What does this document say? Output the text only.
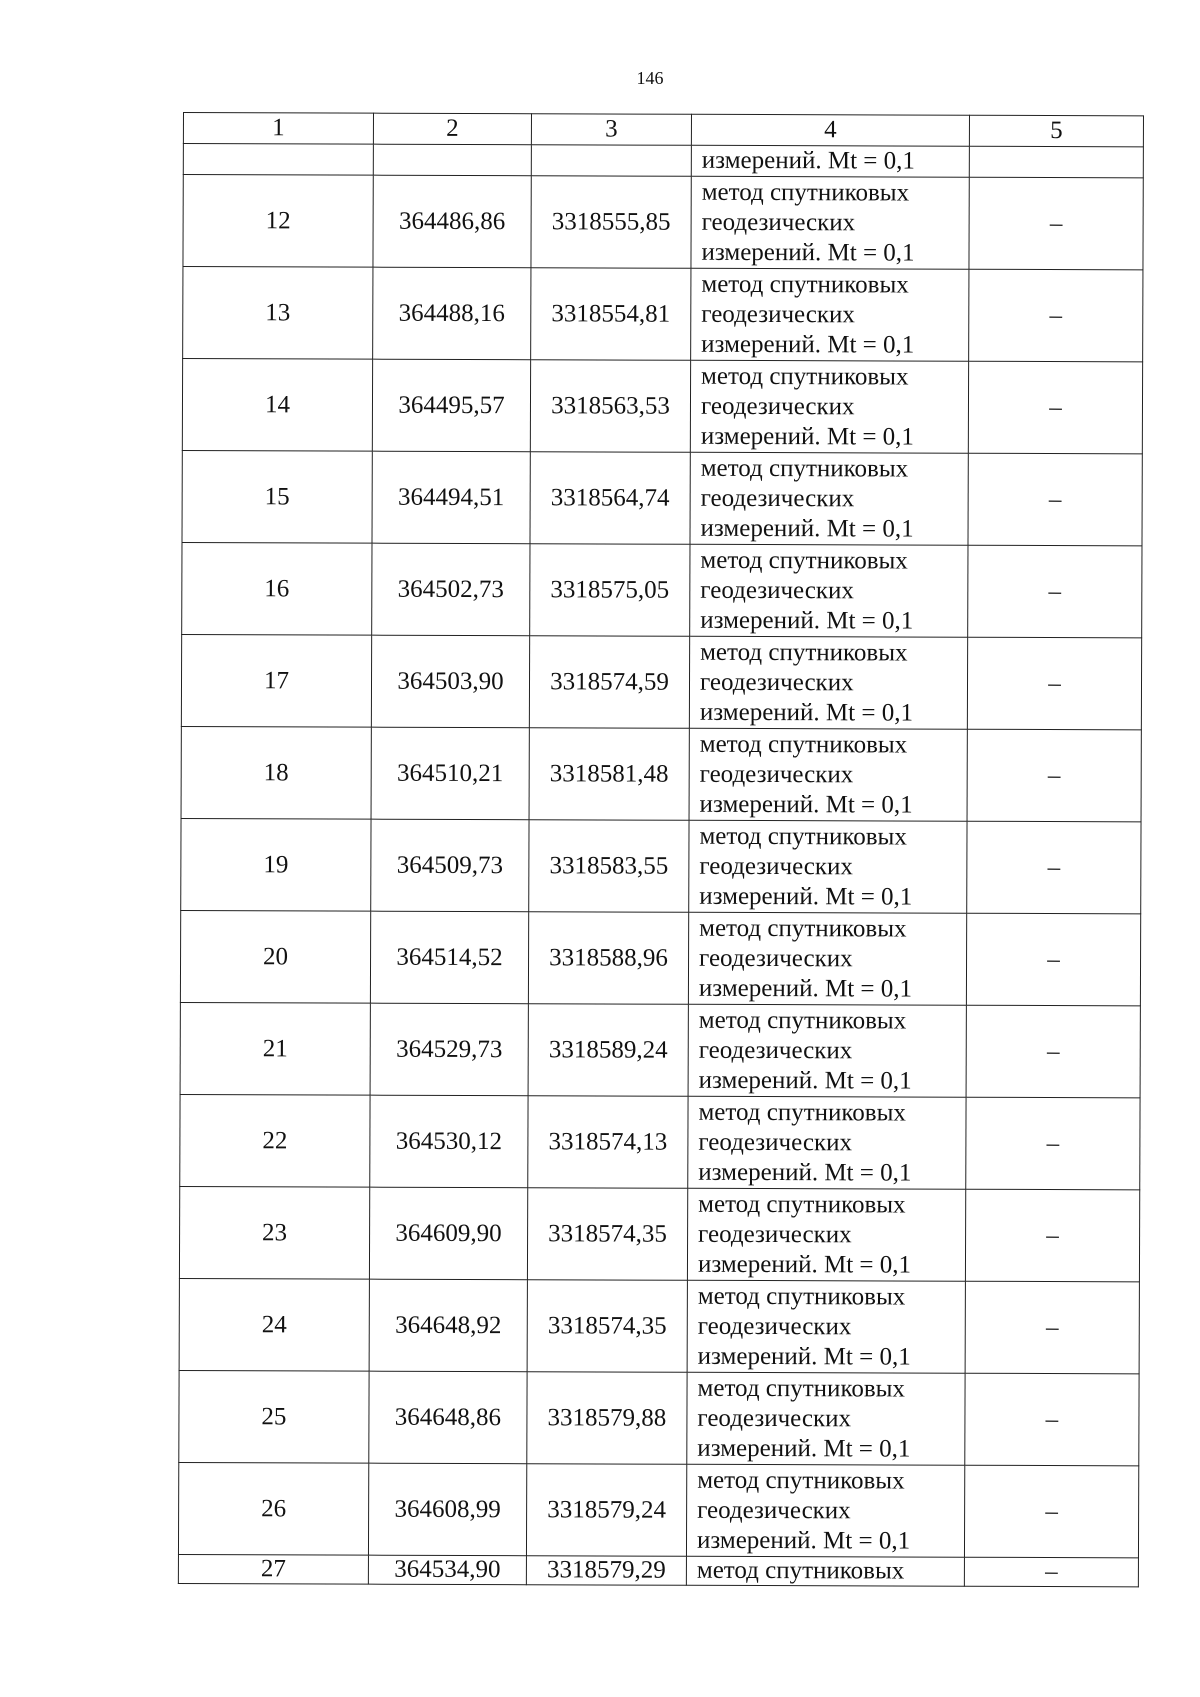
146
1	2	3	4	5
			измерений. Mt = 0,1	
12	364486,86	3318555,85	метод спутниковых
геодезических
измерений. Mt = 0,1	–
13	364488,16	3318554,81	метод спутниковых
геодезических
измерений. Mt = 0,1	–
14	364495,57	3318563,53	метод спутниковых
геодезических
измерений. Mt = 0,1	–
15	364494,51	3318564,74	метод спутниковых
геодезических
измерений. Mt = 0,1	–
16	364502,73	3318575,05	метод спутниковых
геодезических
измерений. Mt = 0,1	–
17	364503,90	3318574,59	метод спутниковых
геодезических
измерений. Mt = 0,1	–
18	364510,21	3318581,48	метод спутниковых
геодезических
измерений. Mt = 0,1	–
19	364509,73	3318583,55	метод спутниковых
геодезических
измерений. Mt = 0,1	–
20	364514,52	3318588,96	метод спутниковых
геодезических
измерений. Mt = 0,1	–
21	364529,73	3318589,24	метод спутниковых
геодезических
измерений. Mt = 0,1	–
22	364530,12	3318574,13	метод спутниковых
геодезических
измерений. Mt = 0,1	–
23	364609,90	3318574,35	метод спутниковых
геодезических
измерений. Mt = 0,1	–
24	364648,92	3318574,35	метод спутниковых
геодезических
измерений. Mt = 0,1	–
25	364648,86	3318579,88	метод спутниковых
геодезических
измерений. Mt = 0,1	–
26	364608,99	3318579,24	метод спутниковых
геодезических
измерений. Mt = 0,1	–
27	364534,90	3318579,29	метод спутниковых	–
